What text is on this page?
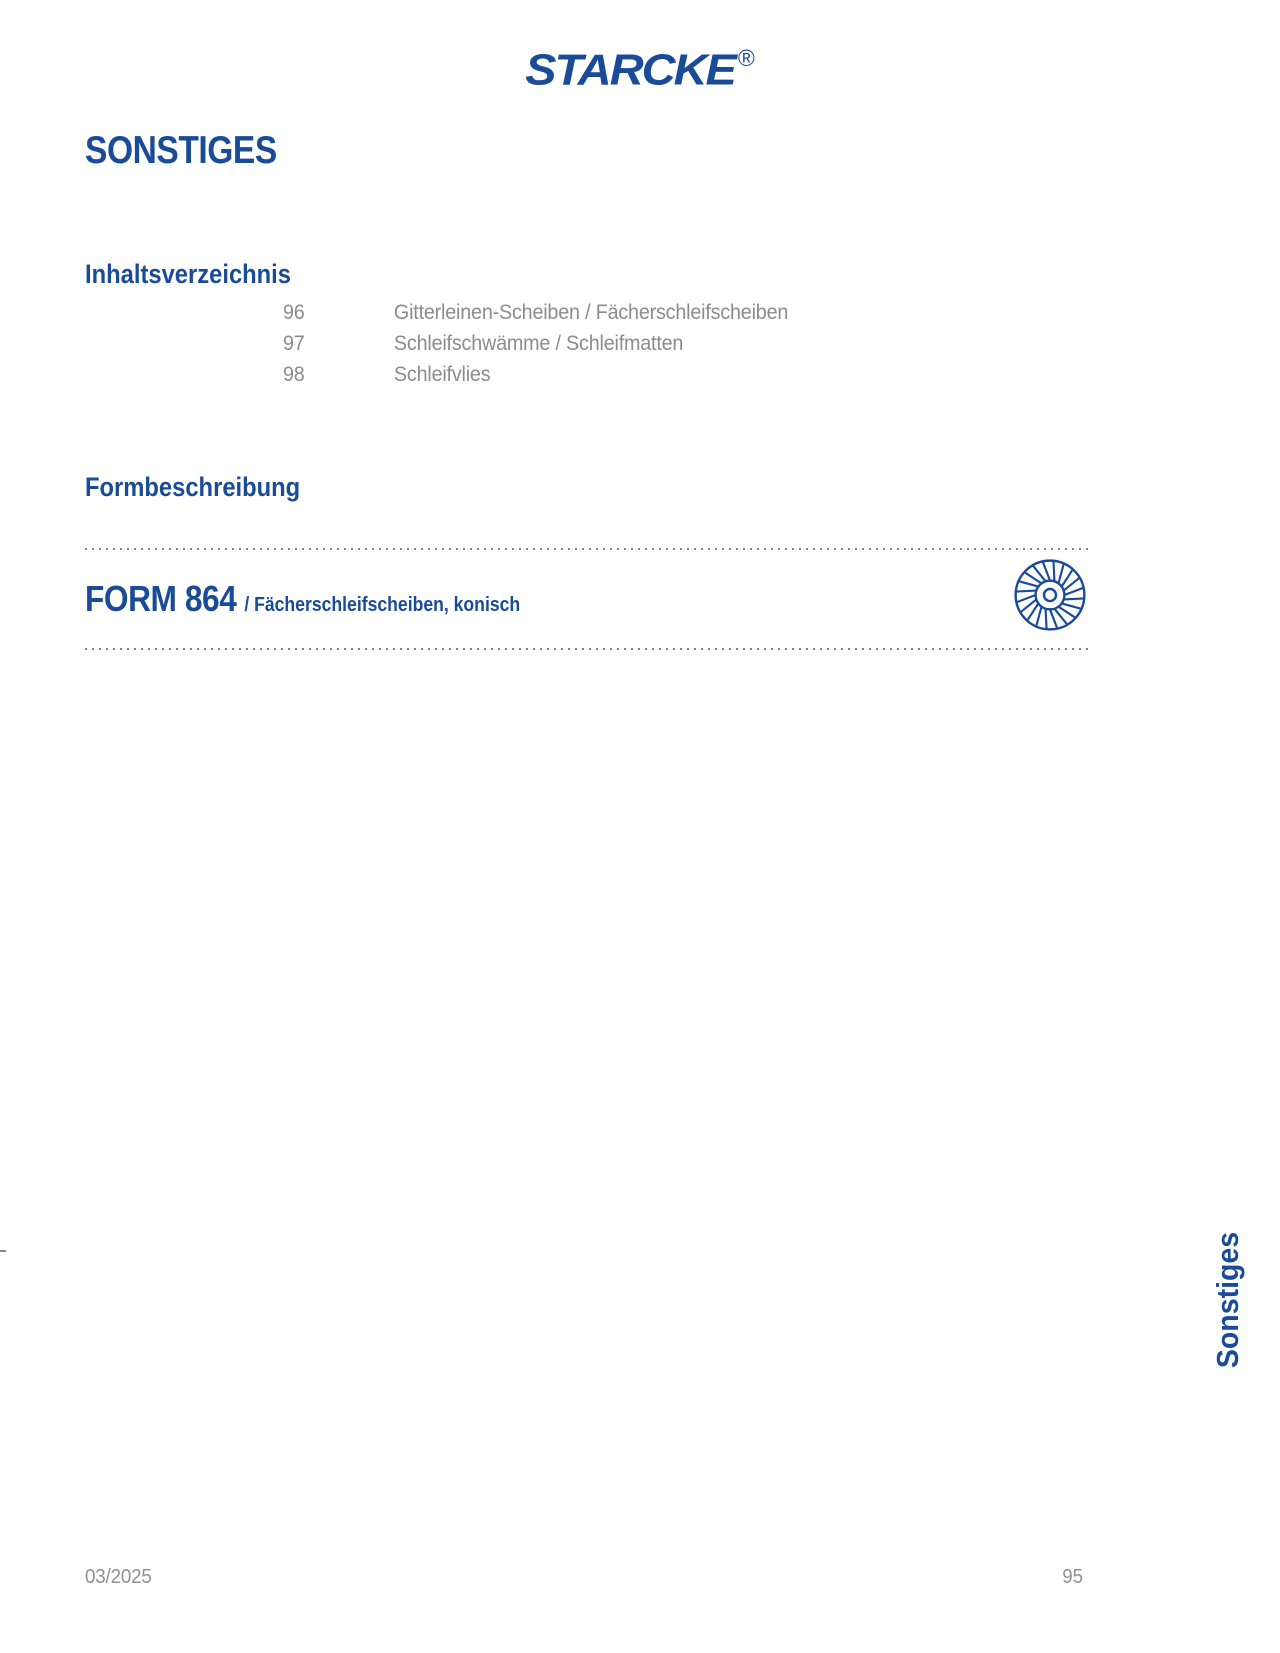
STARCKE ®
SONSTIGES
Inhaltsverzeichnis
96	Gitterleinen-Scheiben / Fächerschleifscheiben
97	Schleifschwämme / Schleifmatten
98	Schleifvlies
Formbeschreibung
FORM 864 / Fächerschleifscheiben, konisch
Sonstiges
03/2025	95
